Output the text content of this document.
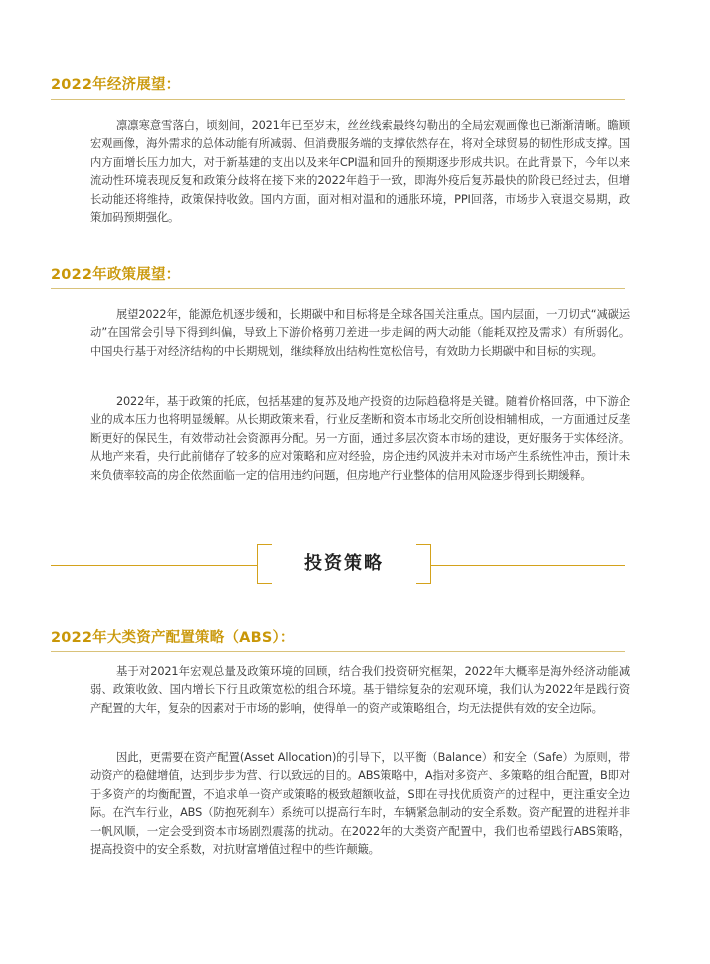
2022年经济展望：

凛凛寒意雪落白，顷刻间，2021年已至岁末，丝丝线索最终勾勒出的全局宏观画像也已渐渐清晰。瞻顾宏观画像，海外需求的总体动能有所减弱、但消费服务端的支撑依然存在，将对全球贸易的韧性形成支撑。国内方面增长压力加大，对于新基建的支出以及来年CPI温和回升的预期逐步形成共识。在此背景下，今年以来流动性环境表现反复和政策分歧将在接下来的2022年趋于一致，即海外疫后复苏最快的阶段已经过去，但增长动能还将维持，政策保持收敛。国内方面，面对相对温和的通胀环境，PPI回落，市场步入衰退交易期，政策加码预期强化。

2022年政策展望：

展望2022年，能源危机逐步缓和，长期碳中和目标将是全球各国关注重点。国内层面，一刀切式“减碳运动”在国常会引导下得到纠偏，导致上下游价格剪刀差进一步走阔的两大动能（能耗双控及需求）有所弱化。中国央行基于对经济结构的中长期规划，继续释放出结构性宽松信号，有效助力长期碳中和目标的实现。

2022年，基于政策的托底，包括基建的复苏及地产投资的边际趋稳将是关键。随着价格回落，中下游企业的成本压力也将明显缓解。从长期政策来看，行业反垄断和资本市场北交所创设相辅相成，一方面通过反垄断更好的保民生，有效带动社会资源再分配。另一方面，通过多层次资本市场的建设，更好服务于实体经济。从地产来看，央行此前储存了较多的应对策略和应对经验，房企违约风波并未对市场产生系统性冲击，预计未来负债率较高的房企依然面临一定的信用违约问题，但房地产行业整体的信用风险逐步得到长期缓释。

投资策略
2022年大类资产配置策略（ABS）：

基于对2021年宏观总量及政策环境的回顾，结合我们投资研究框架，2022年大概率是海外经济动能减弱、政策收敛、国内增长下行且政策宽松的组合环境。基于错综复杂的宏观环境，我们认为2022年是践行资产配置的大年，复杂的因素对于市场的影响，使得单一的资产或策略组合，均无法提供有效的安全边际。

因此，更需要在资产配置(Asset Allocation)的引导下，以平衡（Balance）和安全（Safe）为原则，带动资产的稳健增值，达到步步为营、行以致远的目的。ABS策略中，A指对多资产、多策略的组合配置，B即对于多资产的均衡配置，不追求单一资产或策略的极致超额收益，S即在寻找优质资产的过程中，更注重安全边际。在汽车行业，ABS（防抱死刹车）系统可以提高行车时，车辆紧急制动的安全系数。资产配置的进程并非一帆风顺，一定会受到资本市场剧烈震荡的扰动。在2022年的大类资产配置中，我们也希望践行ABS策略，提高投资中的安全系数，对抗财富增值过程中的些许颠簸。
